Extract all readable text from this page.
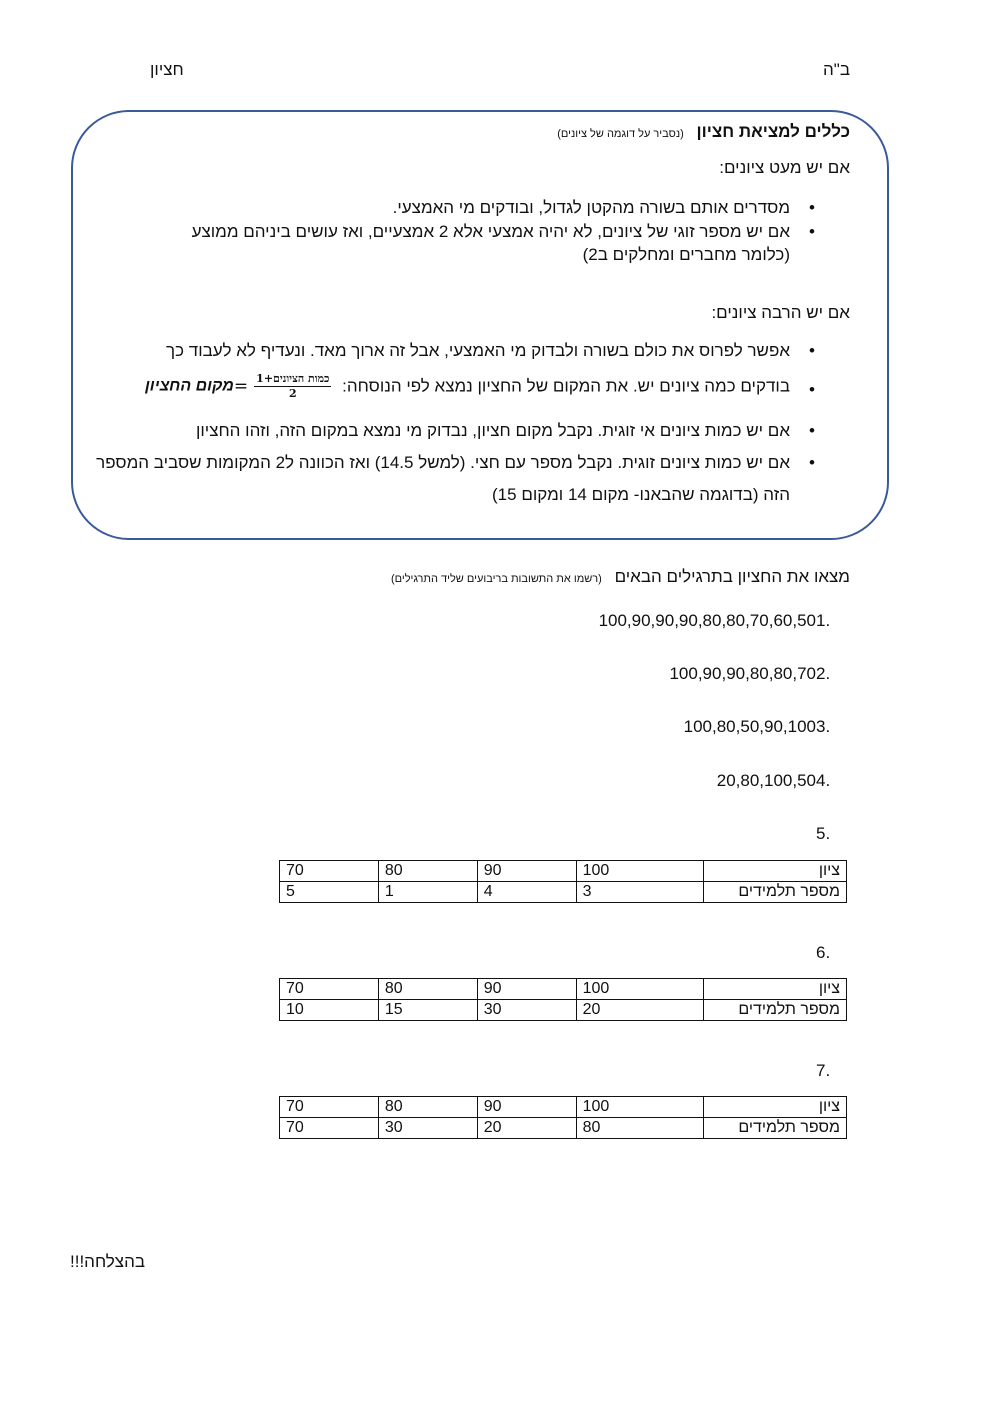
ב"ה
חציון
כללים למציאת חציון (נסביר על דוגמה של ציונים)
אם יש מעט ציונים:
•
מסדרים אותם בשורה מהקטן לגדול, ובודקים מי האמצעי.
•
אם יש מספר זוגי של ציונים, לא יהיה אמצעי אלא 2 אמצעיים, ואז עושים ביניהם ממוצע
(כלומר מחברים ומחלקים ב2)
אם יש הרבה ציונים:
•
אפשר לפרוס את כולם בשורה ולבדוק מי האמצעי, אבל זה ארוך מאד. ונעדיף לא לעבוד כך
•
בודקים כמה ציונים יש. את המקום של החציון נמצא לפי הנוסחה:
$\frac{\text{כמות הציונים+1}}{2}$
=מקום החציון
•
אם יש כמות ציונים אי זוגית. נקבל מקום חציון, נבדוק מי נמצא במקום הזה, וזהו החציון
•
אם יש כמות ציונים זוגית. נקבל מספר עם חצי. (למשל 14.5) ואז הכוונה ל2 המקומות שסביב המספר
הזה (בדוגמה שהבאנו- מקום 14 ומקום 15)
מצאו את החציון בתרגילים הבאים (רשמו את התשובות בריבועים שליד התרגילים)
100,90,90,90,80,80,70,60,50 1.
100,90,90,80,80,70 2.
100,80,50,90,100 3.
20,80,100,50 4.
5.
ציון	100	90	80	70
מספר תלמידים	3	4	1	5
6.
ציון	100	90	80	70
מספר תלמידים	20	30	15	10
7.
ציון	100	90	80	70
מספר תלמידים	80	20	30	70
בהצלחה!!!
